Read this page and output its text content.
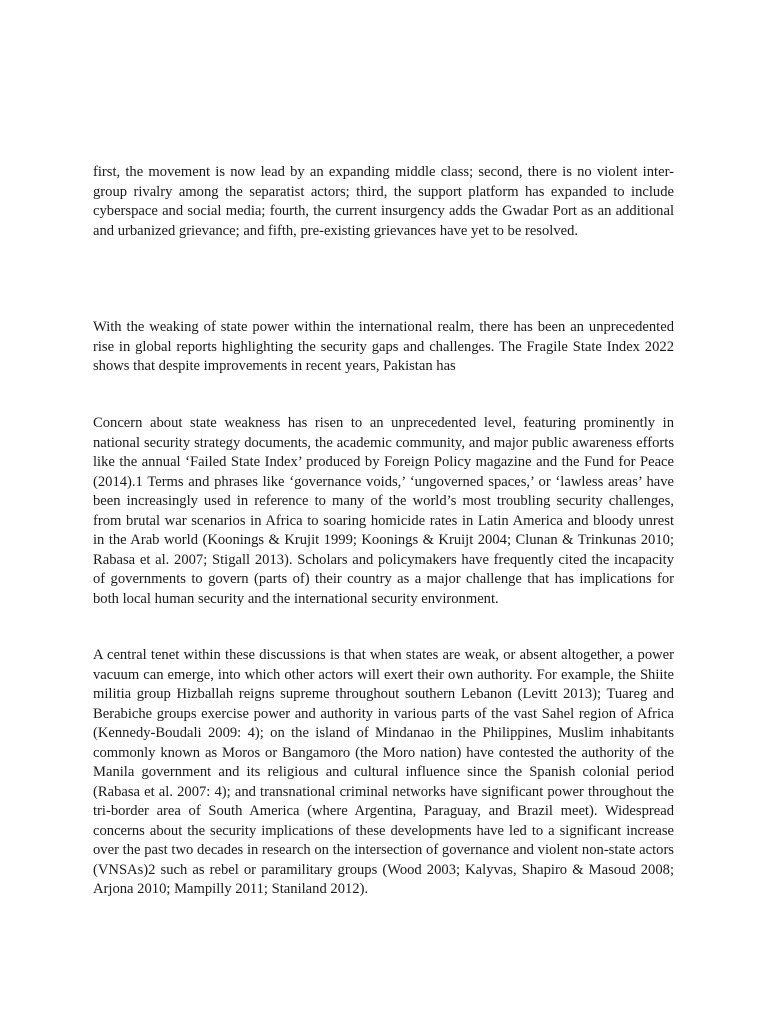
first, the movement is now lead by an expanding middle class; second, there is no violent inter- group rivalry among the separatist actors; third, the support platform has expanded to include cyberspace and social media; fourth, the current insurgency adds the Gwadar Port as an additional and urbanized grievance; and fifth, pre-existing grievances have yet to be resolved.

With the weaking of state power within the international realm, there has been an unprecedented rise in global reports highlighting the security gaps and challenges. The Fragile State Index 2022 shows that despite improvements in recent years, Pakistan has

Concern about state weakness has risen to an unprecedented level, featuring prominently in national security strategy documents, the academic community, and major public awareness efforts like the annual ‘Failed State Index’ produced by Foreign Policy magazine and the Fund for Peace (2014).1 Terms and phrases like ‘governance voids,’ ‘ungoverned spaces,’ or ‘lawless areas’ have been increasingly used in reference to many of the world’s most troubling security challenges, from brutal war scenarios in Africa to soaring homicide rates in Latin America and bloody unrest in the Arab world (Koonings & Krujit 1999; Koonings & Kruijt 2004; Clunan & Trinkunas 2010; Rabasa et al. 2007; Stigall 2013). Scholars and policymakers have frequently cited the incapacity of governments to govern (parts of) their country as a major challenge that has implications for both local human security and the international security environment.

A central tenet within these discussions is that when states are weak, or absent altogether, a power vacuum can emerge, into which other actors will exert their own authority. For example, the Shiite militia group Hizballah reigns supreme throughout southern Lebanon (Levitt 2013); Tuareg and Berabiche groups exercise power and authority in various parts of the vast Sahel region of Africa (Kennedy-Boudali 2009: 4); on the island of Mindanao in the Philippines, Muslim inhabitants commonly known as Moros or Bangamoro (the Moro nation) have contested the authority of the Manila government and its religious and cultural influence since the Spanish colonial period (Rabasa et al. 2007: 4); and transnational criminal networks have significant power throughout the tri-border area of South America (where Argentina, Paraguay, and Brazil meet). Widespread concerns about the security implications of these developments have led to a significant increase over the past two decades in research on the intersection of governance and violent non-state actors (VNSAs)2 such as rebel or paramilitary groups (Wood 2003; Kalyvas, Shapiro & Masoud 2008; Arjona 2010; Mampilly 2011; Staniland 2012).
